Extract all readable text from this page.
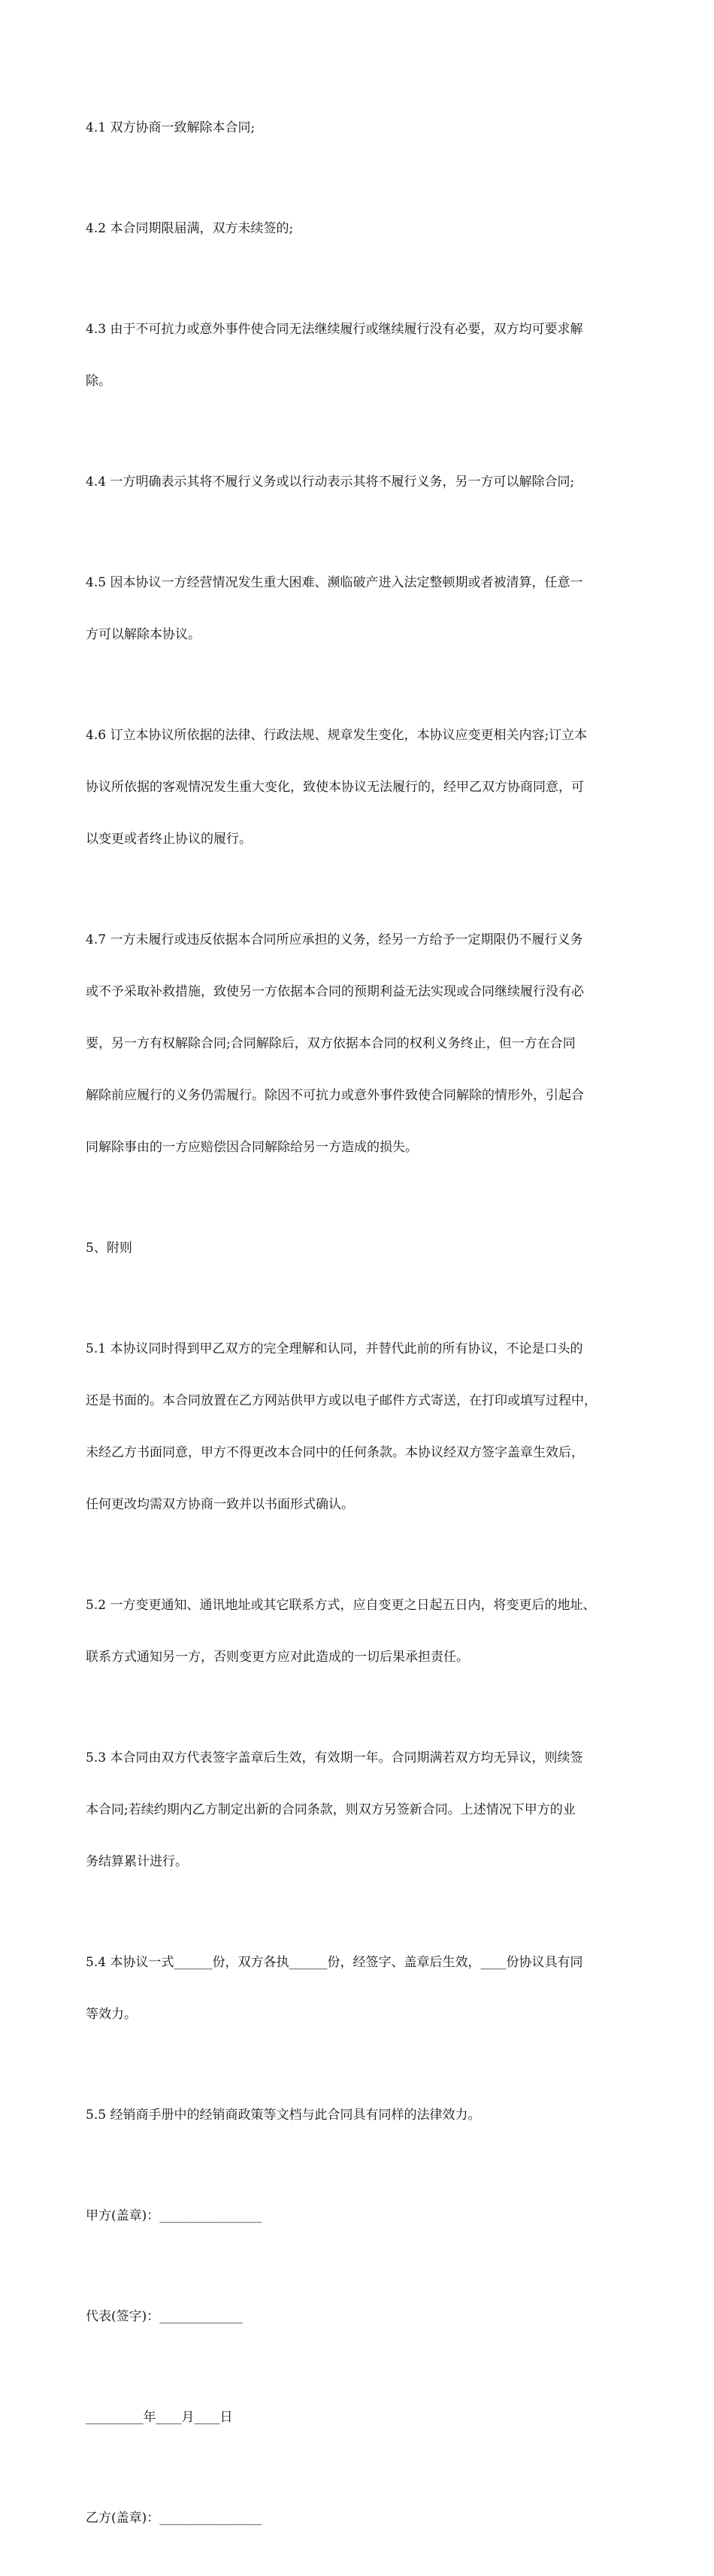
4.1 双方协商一致解除本合同;

4.2 本合同期限届满，双方未续签的;

4.3 由于不可抗力或意外事件使合同无法继续履行或继续履行没有必要，双方均可要求解

除。

4.4 一方明确表示其将不履行义务或以行动表示其将不履行义务，另一方可以解除合同;

4.5 因本协议一方经营情况发生重大困难、濒临破产进入法定整顿期或者被清算，任意一

方可以解除本协议。

4.6 订立本协议所依据的法律、行政法规、规章发生变化，本协议应变更相关内容;订立本

协议所依据的客观情况发生重大变化，致使本协议无法履行的，经甲乙双方协商同意，可

以变更或者终止协议的履行。

4.7 一方未履行或违反依据本合同所应承担的义务，经另一方给予一定期限仍不履行义务

或不予采取补救措施，致使另一方依据本合同的预期利益无法实现或合同继续履行没有必

要，另一方有权解除合同;合同解除后，双方依据本合同的权利义务终止，但一方在合同

解除前应履行的义务仍需履行。除因不可抗力或意外事件致使合同解除的情形外，引起合

同解除事由的一方应赔偿因合同解除给另一方造成的损失。

5、附则

5.1 本协议同时得到甲乙双方的完全理解和认同，并替代此前的所有协议，不论是口头的

还是书面的。本合同放置在乙方网站供甲方或以电子邮件方式寄送，在打印或填写过程中，

未经乙方书面同意，甲方不得更改本合同中的任何条款。本协议经双方签字盖章生效后，

任何更改均需双方协商一致并以书面形式确认。

5.2 一方变更通知、通讯地址或其它联系方式，应自变更之日起五日内，将变更后的地址、

联系方式通知另一方，否则变更方应对此造成的一切后果承担责任。

5.3 本合同由双方代表签字盖章后生效，有效期一年。合同期满若双方均无异议，则续签

本合同;若续约期内乙方制定出新的合同条款，则双方另签新合同。上述情况下甲方的业

务结算累计进行。

5.4 本协议一式______份，双方各执______份，经签字、盖章后生效，____份协议具有同

等效力。

5.5 经销商手册中的经销商政策等文档与此合同具有同样的法律效力。

甲方(盖章)：________________

代表(签字)：_____________

_________年____月____日

乙方(盖章)：________________
